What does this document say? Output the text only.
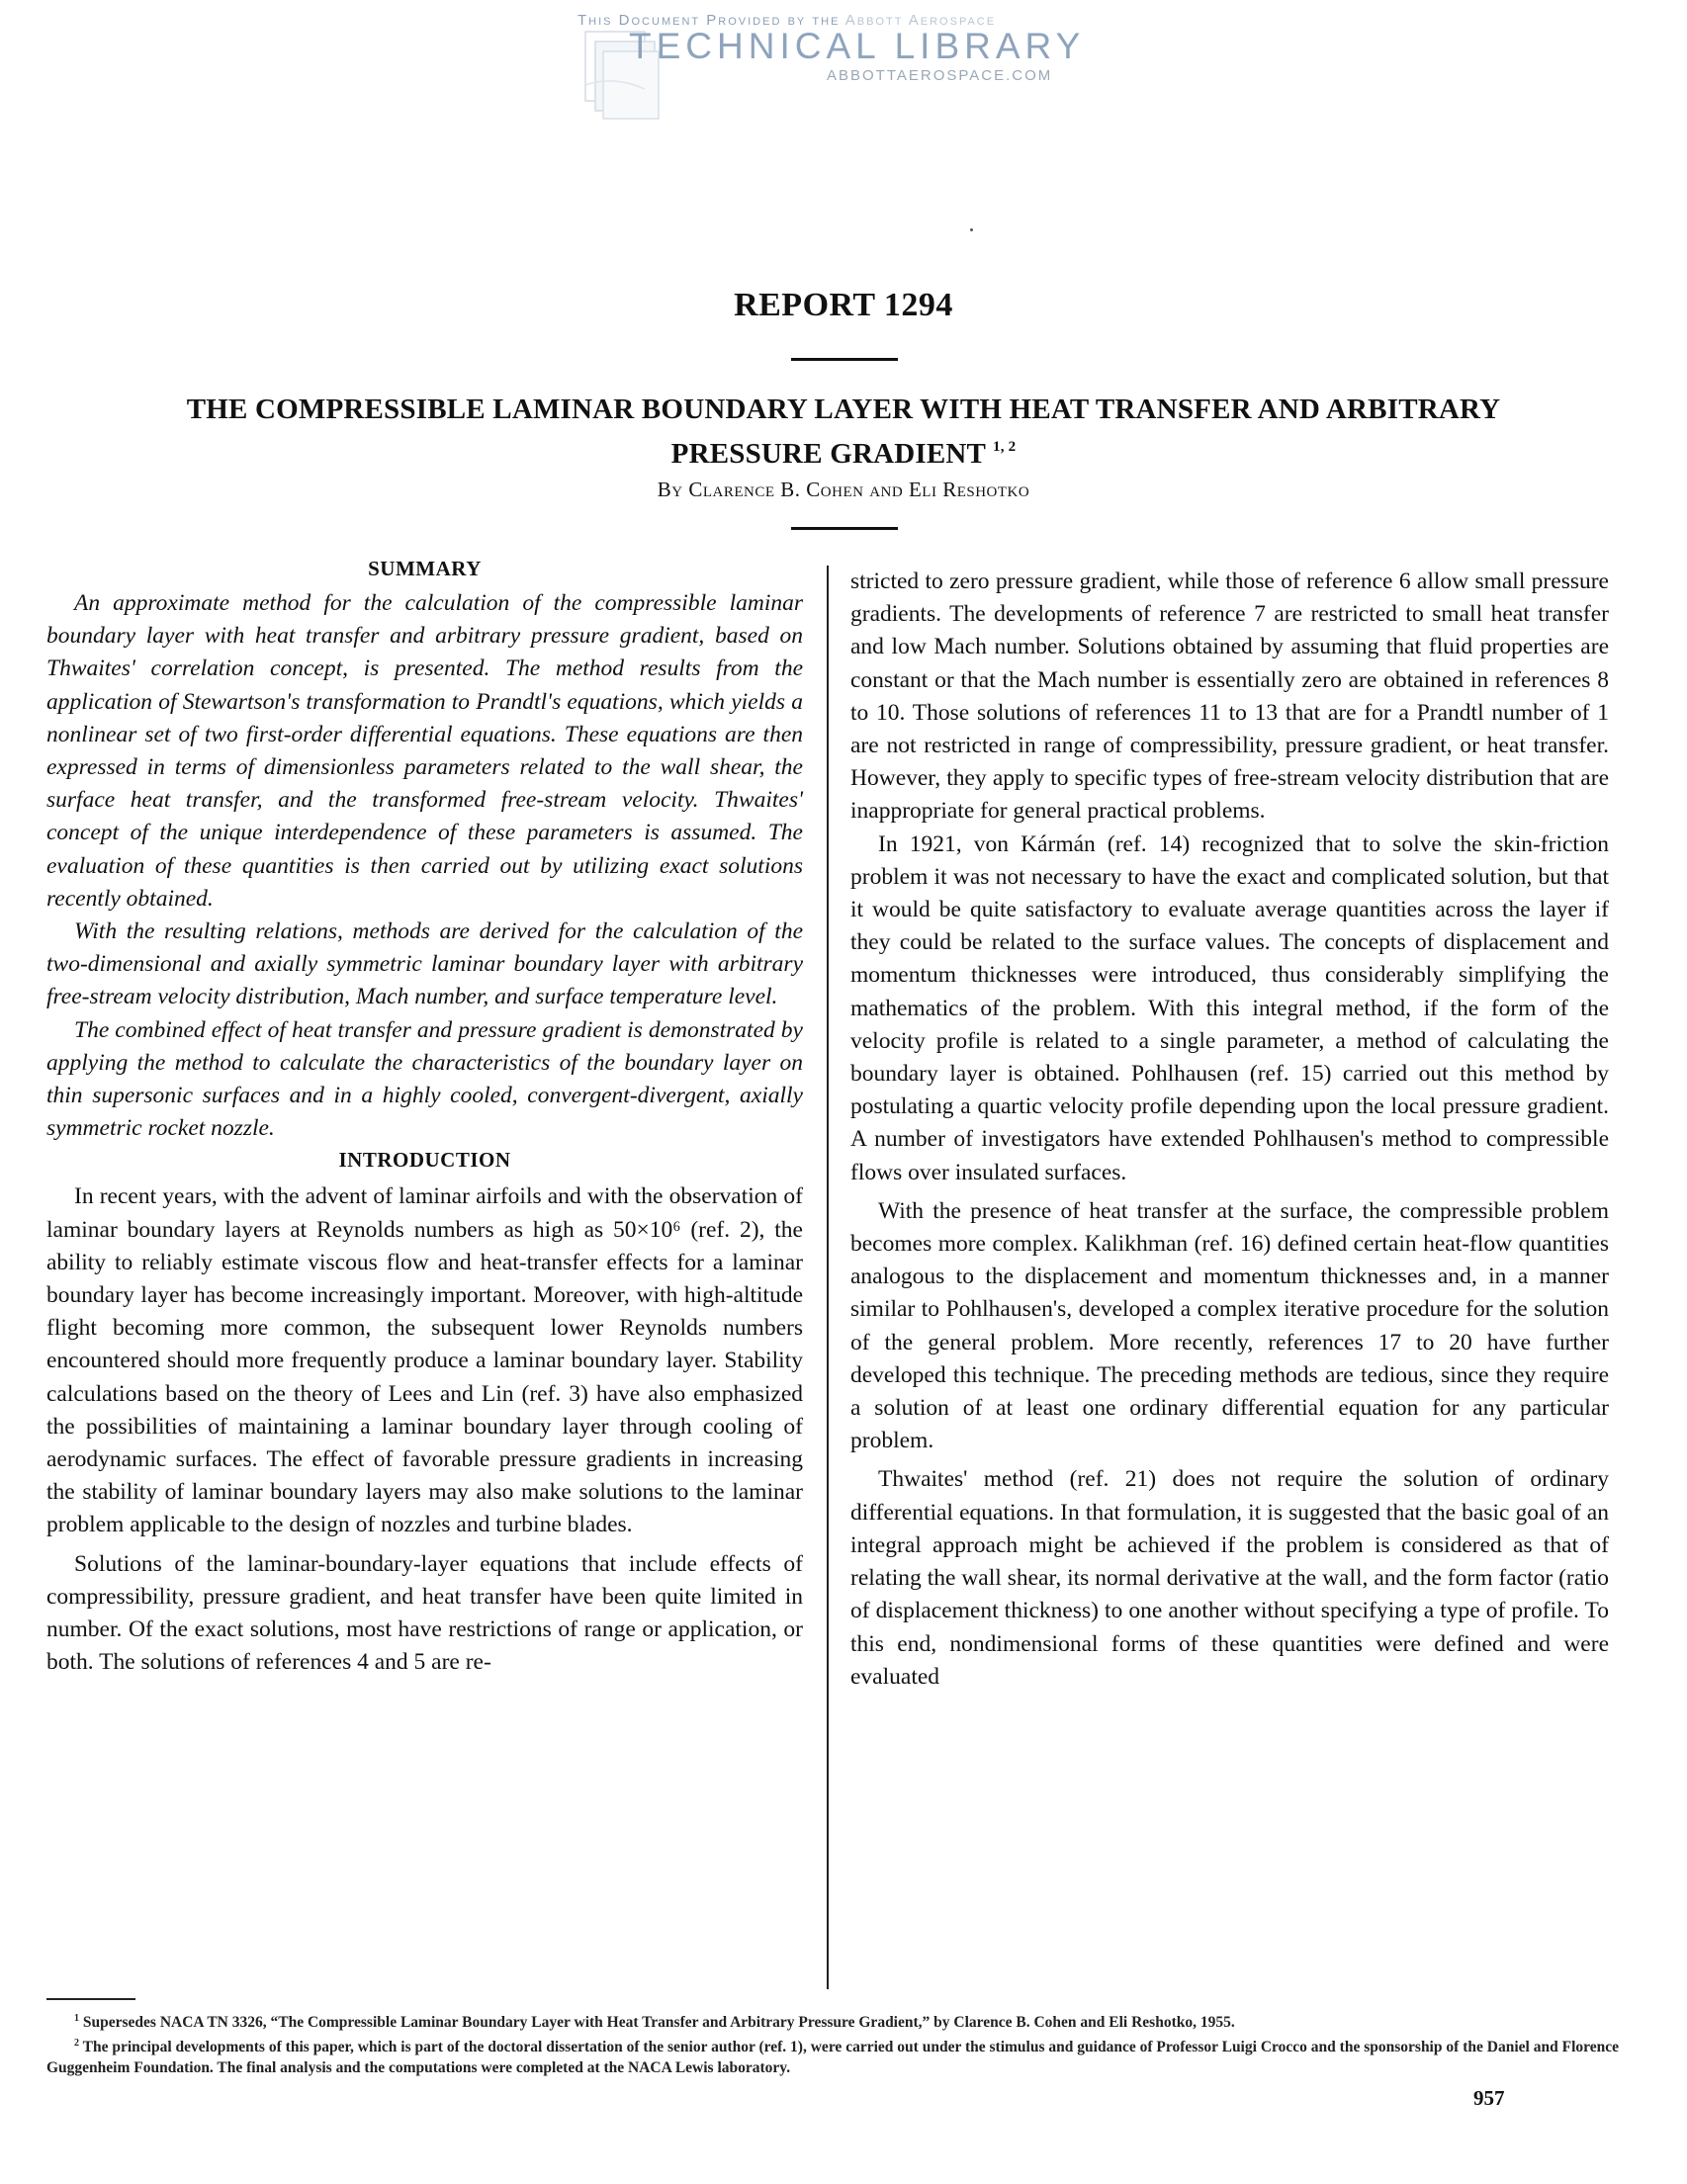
This Document Provided by the Abbott Aerospace
TECHNICAL LIBRARY
ABBOTTAEROSPACE.COM
REPORT 1294
THE COMPRESSIBLE LAMINAR BOUNDARY LAYER WITH HEAT TRANSFER AND ARBITRARY
PRESSURE GRADIENT $^{1, 2}$
By Clarence B. Cohen and Eli Reshotko
SUMMARY

An approximate method for the calculation of the compressible laminar boundary layer with heat transfer and arbitrary pressure gradient, based on Thwaites' correlation concept, is presented. The method results from the application of Stewartson's transformation to Prandtl's equations, which yields a nonlinear set of two first-order differential equations. These equations are then expressed in terms of dimensionless parameters related to the wall shear, the surface heat transfer, and the transformed free-stream velocity. Thwaites' concept of the unique interdependence of these parameters is assumed. The evaluation of these quantities is then carried out by utilizing exact solutions recently obtained.

With the resulting relations, methods are derived for the calculation of the two-dimensional and axially symmetric laminar boundary layer with arbitrary free-stream velocity distribution, Mach number, and surface temperature level.

The combined effect of heat transfer and pressure gradient is demonstrated by applying the method to calculate the characteristics of the boundary layer on thin supersonic surfaces and in a highly cooled, convergent-divergent, axially symmetric rocket nozzle.

INTRODUCTION

In recent years, with the advent of laminar airfoils and with the observation of laminar boundary layers at Reynolds numbers as high as 50×10⁶ (ref. 2), the ability to reliably estimate viscous flow and heat-transfer effects for a laminar boundary layer has become increasingly important. Moreover, with high-altitude flight becoming more common, the subsequent lower Reynolds numbers encountered should more frequently produce a laminar boundary layer. Stability calculations based on the theory of Lees and Lin (ref. 3) have also emphasized the possibilities of maintaining a laminar boundary layer through cooling of aerodynamic surfaces. The effect of favorable pressure gradients in increasing the stability of laminar boundary layers may also make solutions to the laminar problem applicable to the design of nozzles and turbine blades.

Solutions of the laminar-boundary-layer equations that include effects of compressibility, pressure gradient, and heat transfer have been quite limited in number. Of the exact solutions, most have restrictions of range or application, or both. The solutions of references 4 and 5 are re-

stricted to zero pressure gradient, while those of reference 6 allow small pressure gradients. The developments of reference 7 are restricted to small heat transfer and low Mach number. Solutions obtained by assuming that fluid properties are constant or that the Mach number is essentially zero are obtained in references 8 to 10. Those solutions of references 11 to 13 that are for a Prandtl number of 1 are not restricted in range of compressibility, pressure gradient, or heat transfer. However, they apply to specific types of free-stream velocity distribution that are inappropriate for general practical problems.

In 1921, von Kármán (ref. 14) recognized that to solve the skin-friction problem it was not necessary to have the exact and complicated solution, but that it would be quite satisfactory to evaluate average quantities across the layer if they could be related to the surface values. The concepts of displacement and momentum thicknesses were introduced, thus considerably simplifying the mathematics of the problem. With this integral method, if the form of the velocity profile is related to a single parameter, a method of calculating the boundary layer is obtained. Pohlhausen (ref. 15) carried out this method by postulating a quartic velocity profile depending upon the local pressure gradient. A number of investigators have extended Pohlhausen's method to compressible flows over insulated surfaces.

With the presence of heat transfer at the surface, the compressible problem becomes more complex. Kalikhman (ref. 16) defined certain heat-flow quantities analogous to the displacement and momentum thicknesses and, in a manner similar to Pohlhausen's, developed a complex iterative procedure for the solution of the general problem. More recently, references 17 to 20 have further developed this technique. The preceding methods are tedious, since they require a solution of at least one ordinary differential equation for any particular problem.

Thwaites' method (ref. 21) does not require the solution of ordinary differential equations. In that formulation, it is suggested that the basic goal of an integral approach might be achieved if the problem is considered as that of relating the wall shear, its normal derivative at the wall, and the form factor (ratio of displacement thickness) to one another without specifying a type of profile. To this end, nondimensional forms of these quantities were defined and were evaluated

$^1$ Supersedes NACA TN 3326, “The Compressible Laminar Boundary Layer with Heat Transfer and Arbitrary Pressure Gradient,” by Clarence B. Cohen and Eli Reshotko, 1955.

$^2$ The principal developments of this paper, which is part of the doctoral dissertation of the senior author (ref. 1), were carried out under the stimulus and guidance of Professor Luigi Crocco and the sponsorship of the Daniel and Florence Guggenheim Foundation. The final analysis and the computations were completed at the NACA Lewis laboratory.

957
